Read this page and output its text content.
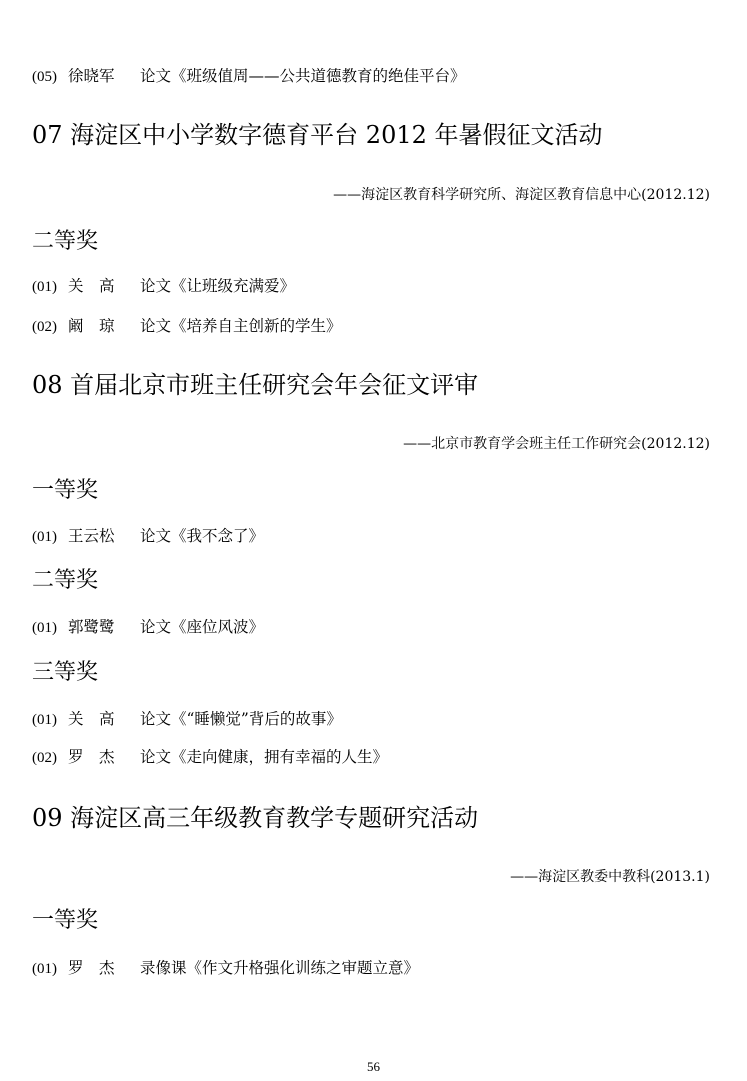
(05) 徐晓军 论文《班级值周——公共道德教育的绝佳平台》
07 海淀区中小学数字德育平台 2012 年暑假征文活动
——海淀区教育科学研究所、海淀区教育信息中心(2012.12)
二等奖
(01) 关　高 论文《让班级充满爱》
(02) 阚　琼 论文《培养自主创新的学生》
08 首届北京市班主任研究会年会征文评审
——北京市教育学会班主任工作研究会(2012.12)
一等奖
(01) 王云松 论文《我不念了》
二等奖
(01) 郭鹭鹭 论文《座位风波》
三等奖
(01) 关　高 论文《“睡懒觉”背后的故事》
(02) 罗　杰 论文《走向健康，拥有幸福的人生》
09 海淀区高三年级教育教学专题研究活动
——海淀区教委中教科(2013.1)
一等奖
(01) 罗　杰 录像课《作文升格强化训练之审题立意》
56
